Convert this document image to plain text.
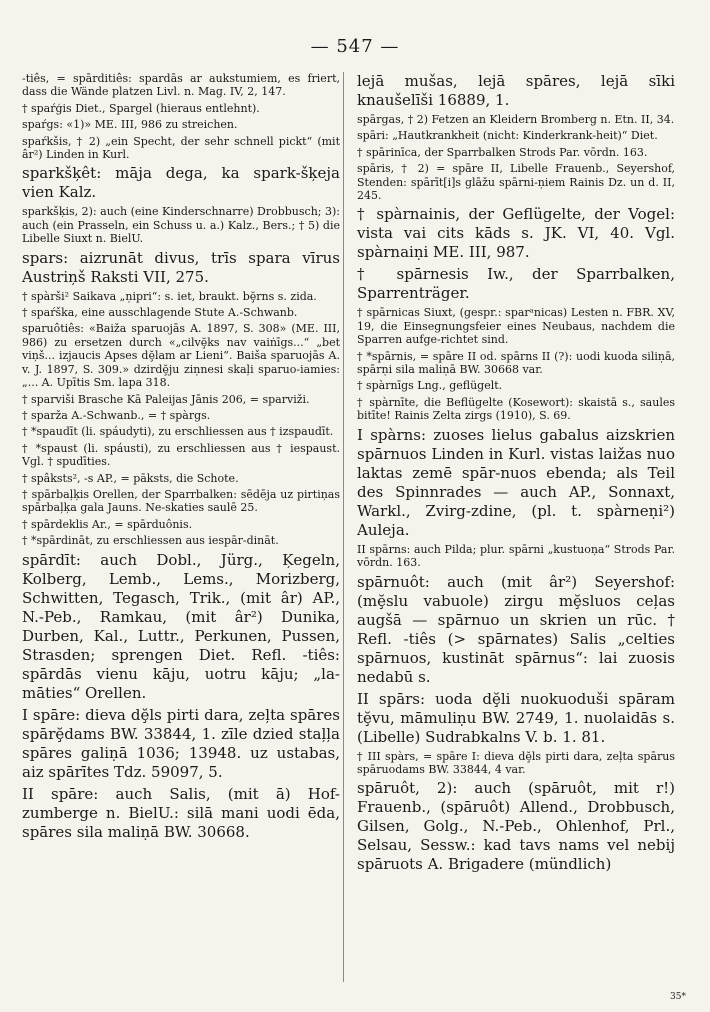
— 547 —

-tiês, = spārditiês: spardās ar aukstumiem, es friert, dass die Wände platzen Livl. n. Mag. IV, 2, 147.

† spaŕģis Diet., Spargel (hieraus entlehnt).

spaŕgs: «1)» ME. III, 986 zu streichen.

spaŕkšis, † 2) „ein Specht, der sehr schnell pickt“ (mit âr²) Linden in Kurl.

sparkšķêt: māja dega, ka spark-šķeja vien Kalz.

sparkšķis, 2): auch (eine Kinderschnarre) Drobbusch; 3): auch (ein Prasseln, ein Schuss u. a.) Kalz., Bers.; † 5) die Libelle Siuxt n. BielU.

spars: aizrunāt divus, trīs spara vīrus Austriņš Raksti VII, 275.

† spàrši² Saikava „ṇipri“: s. iet, braukt. bḝrns s. zida.

† spaŕška, eine ausschlagende Stute A.-Schwanb.

sparuôtiês: «Baiža sparuojās A. 1897, S. 308» (ME. III, 986) zu ersetzen durch «„cilvḝks nav vaiṅīgs...“ „bet viņš... izjaucis Apses dḝlam ar Lieni“. Baiša sparuojās A. v. J. 1897, S. 309.» dzirdḝju ziṇnesi skaļi sparuo-iamies: „... A. Upītis Sm. lapa 318.

† sparviši Brasche Kā Paleijas Jānis 206, = sparviži.

† sparža A.-Schwanb., = † spàrgs.

† *spaudīt (li. spáudyti), zu erschliessen aus † izspaudīt.

† *spaust (li. spáusti), zu erschliessen aus † iespaust. Vgl. † spudīties.

† spâksts², -s AP., = pāksts, die Schote.

† spārbaļķis Orellen, der Sparrbalken: sēdēja uz pirtiņas spārbaļķa gala Jauns. Ne-skaties saulē 25.

† spārdeklis Ar., = spārduônis.

† *spārdināt, zu erschliessen aus iespār-dināt.

spārdīt: auch Dobl., Jürg., Ķegeln, Kolberg, Lemb., Lems., Morizberg, Schwitten, Tegasch, Trik., (mit âr) AP., N.-Peb., Ramkau, (mit âr²) Dunika, Durben, Kal., Luttr., Perkunen, Pussen, Strasden; sprengen Diet. Refl. -tiês: spārdās vienu kāju, uotru kāju; „la-māties“ Orellen.

I spāre: dieva dḝls pirti dara, zeļta spāres spārḝdams BW. 33844, 1. zīle dzied staļļa spāres galiṇā 1036; 13948. uz ustabas, aiz spārītes Tdz. 59097, 5.

II spāre: auch Salis, (mit ā) Hof-zumberge n. BielU.: silā mani uodi ēda, spāres sila maliṇā BW. 30668.

lejā mušas, lejā spāres, lejā sīki knaušelīši 16889, 1.

spārgas, † 2) Fetzen an Kleidern Bromberg n. Etn. II, 34.

spāri: „Hautkrankheit (nicht: Kinderkrank-heit)“ Diet.

† spārinīca, der Sparrbalken Strods Par. vōrdn. 163.

spāris, † 2) = spāre II, Libelle Frauenb., Seyershof, Stenden: spārīt[i]s glāžu spārni-ṇiem Rainis Dz. un d. II, 245.

† spàrnainis, der Geflügelte, der Vogel: vista vai cits kāds s. JK. VI, 40. Vgl. spàrnaiṇi ME. III, 987.

† spārnesis Iw., der Sparrbalken, Sparrenträger.

† spārnicas Siuxt, (gespr.: sparᵃnicas) Lesten n. FBR. XV, 19, die Einsegnungsfeier eines Neubaus, nachdem die Sparren aufge-richtet sind.

† *spārnis, = spāre II od. spārns II (?): uodi kuoda siliṇā, spārṇi sila maliṇā BW. 30668 var.

† spàrnīgs Lng., geflügelt.

† spàrnīte, die Beflügelte (Kosewort): skaistā s., saules bitīte! Rainis Zelta zirgs (1910), S. 69.

I spàrns: zuoses lielus gabalus aizskrien spārnuos Linden in Kurl. vistas laižas nuo laktas zemē spār-nuos ebenda; als Teil des Spinnrades — auch AP., Sonnaxt, Warkl., Zvirg-zdine, (pl. t. spàrneṇi²) Auleja.

II spārns: auch Pilda; plur. spārni „kustuoņa“ Strods Par. vōrdn. 163.

spārnuôt: auch (mit âr²) Seyershof: (mḝslu vabuole) zirgu mḝsluos ceļas augšā — spārnuo un skrien un rūc. † Refl. -tiês (> spārnates) Salis „celties spārnuos, kustināt spārnus“: lai zuosis nedabū s.

II spārs: uoda dḝli nuokuoduši spāram tḝvu, māmuliṇu BW. 2749, 1. nuolaidās s. (Libelle) Sudrabkalns V. b. 1. 81.

† III spàrs, = spāre I: dieva dḝls pirti dara, zeļta spārus spāruodams BW. 33844, 4 var.

spāruôt, 2): auch (spāruôt, mit r!) Frauenb., (spāruôt) Allend., Drobbusch, Gilsen, Golg., N.-Peb., Ohlenhof, Prl., Selsau, Sessw.: kad tavs nams vel nebij spāruots A. Brigadere (mündlich)

35*
